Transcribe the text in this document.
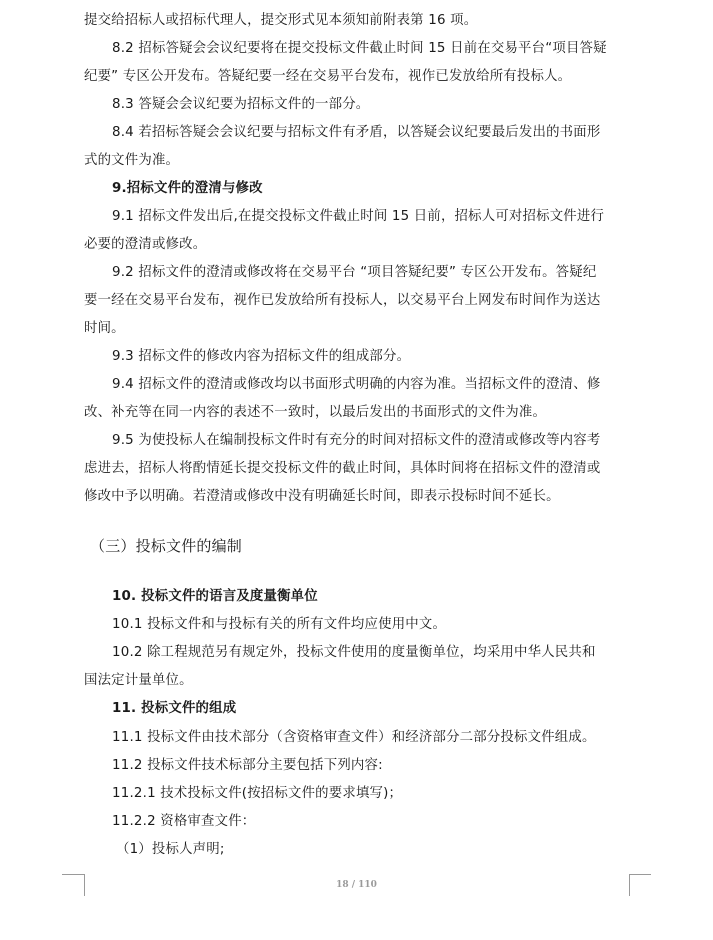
提交给招标人或招标代理人，提交形式见本须知前附表第 16 项。
8.2 招标答疑会会议纪要将在提交投标文件截止时间 15 日前在交易平台“项目答疑
纪要” 专区公开发布。答疑纪要一经在交易平台发布，视作已发放给所有投标人。
8.3 答疑会会议纪要为招标文件的一部分。
8.4 若招标答疑会会议纪要与招标文件有矛盾，以答疑会议纪要最后发出的书面形
式的文件为准。
9.招标文件的澄清与修改
9.1 招标文件发出后,在提交投标文件截止时间 15 日前，招标人可对招标文件进行
必要的澄清或修改。
9.2 招标文件的澄清或修改将在交易平台 “项目答疑纪要” 专区公开发布。答疑纪
要一经在交易平台发布，视作已发放给所有投标人，以交易平台上网发布时间作为送达
时间。
9.3 招标文件的修改内容为招标文件的组成部分。
9.4 招标文件的澄清或修改均以书面形式明确的内容为准。当招标文件的澄清、修
改、补充等在同一内容的表述不一致时，以最后发出的书面形式的文件为准。
9.5 为使投标人在编制投标文件时有充分的时间对招标文件的澄清或修改等内容考
虑进去，招标人将酌情延长提交投标文件的截止时间，具体时间将在招标文件的澄清或
修改中予以明确。若澄清或修改中没有明确延长时间，即表示投标时间不延长。
（三）投标文件的编制
10. 投标文件的语言及度量衡单位
10.1 投标文件和与投标有关的所有文件均应使用中文。
10.2 除工程规范另有规定外，投标文件使用的度量衡单位，均采用中华人民共和
国法定计量单位。
11. 投标文件的组成
11.1 投标文件由技术部分（含资格审查文件）和经济部分二部分投标文件组成。
11.2 投标文件技术标部分主要包括下列内容:
11.2.1 技术投标文件(按招标文件的要求填写)；
11.2.2 资格审查文件：
（1）投标人声明;
18 / 110
